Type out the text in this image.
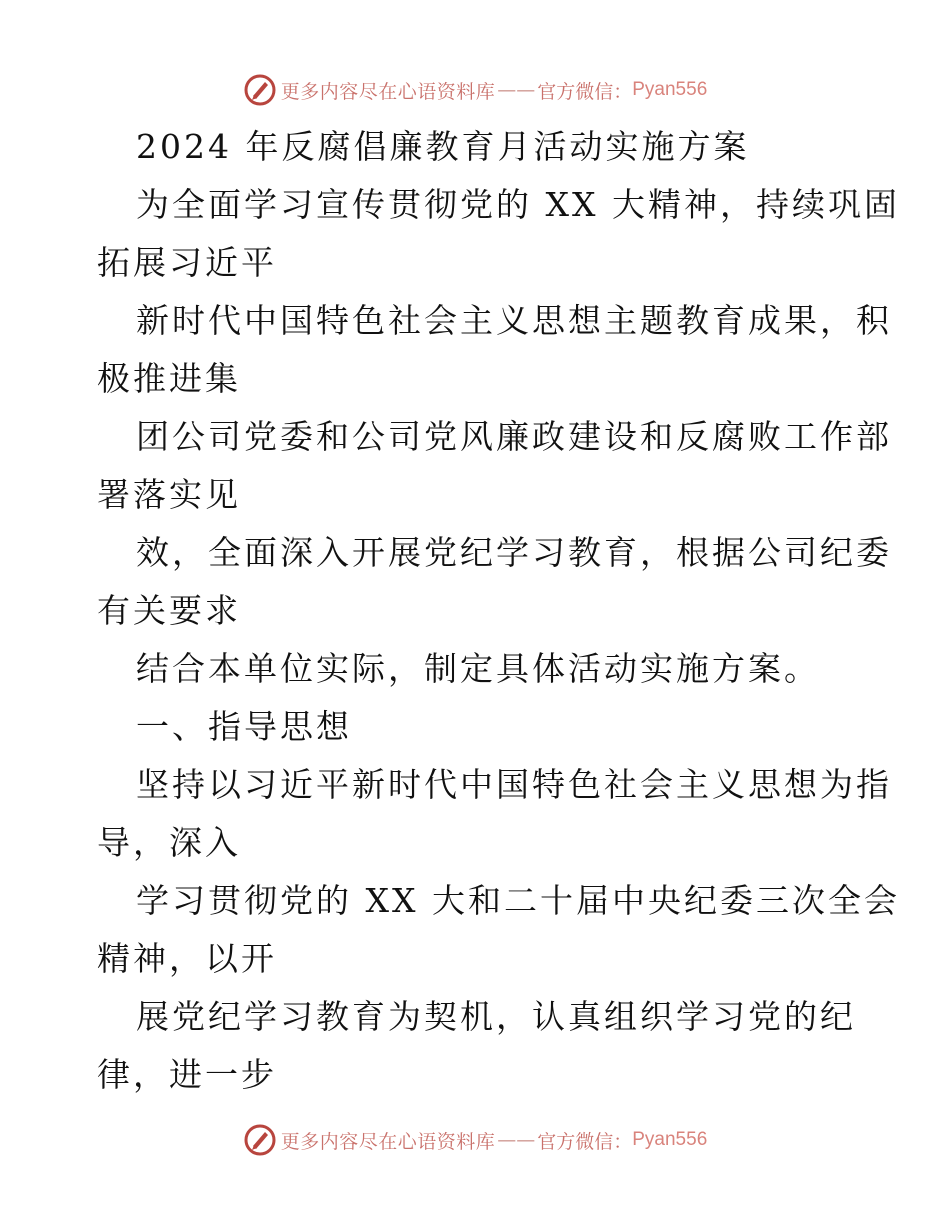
更多内容尽在心语资料库 —— 官方微信： Pyan556
2024 年反腐倡廉教育月活动实施方案
为全面学习宣传贯彻党的 XX 大精神，持续巩固
拓展习近平
新时代中国特色社会主义思想主题教育成果，积
极推进集
团公司党委和公司党风廉政建设和反腐败工作部
署落实见
效，全面深入开展党纪学习教育，根据公司纪委
有关要求
结合本单位实际，制定具体活动实施方案。
一、指导思想
坚持以习近平新时代中国特色社会主义思想为指
导，深入
学习贯彻党的 XX 大和二十届中央纪委三次全会
精神，以开
展党纪学习教育为契机，认真组织学习党的纪
律，进一步
更多内容尽在心语资料库 —— 官方微信： Pyan556
